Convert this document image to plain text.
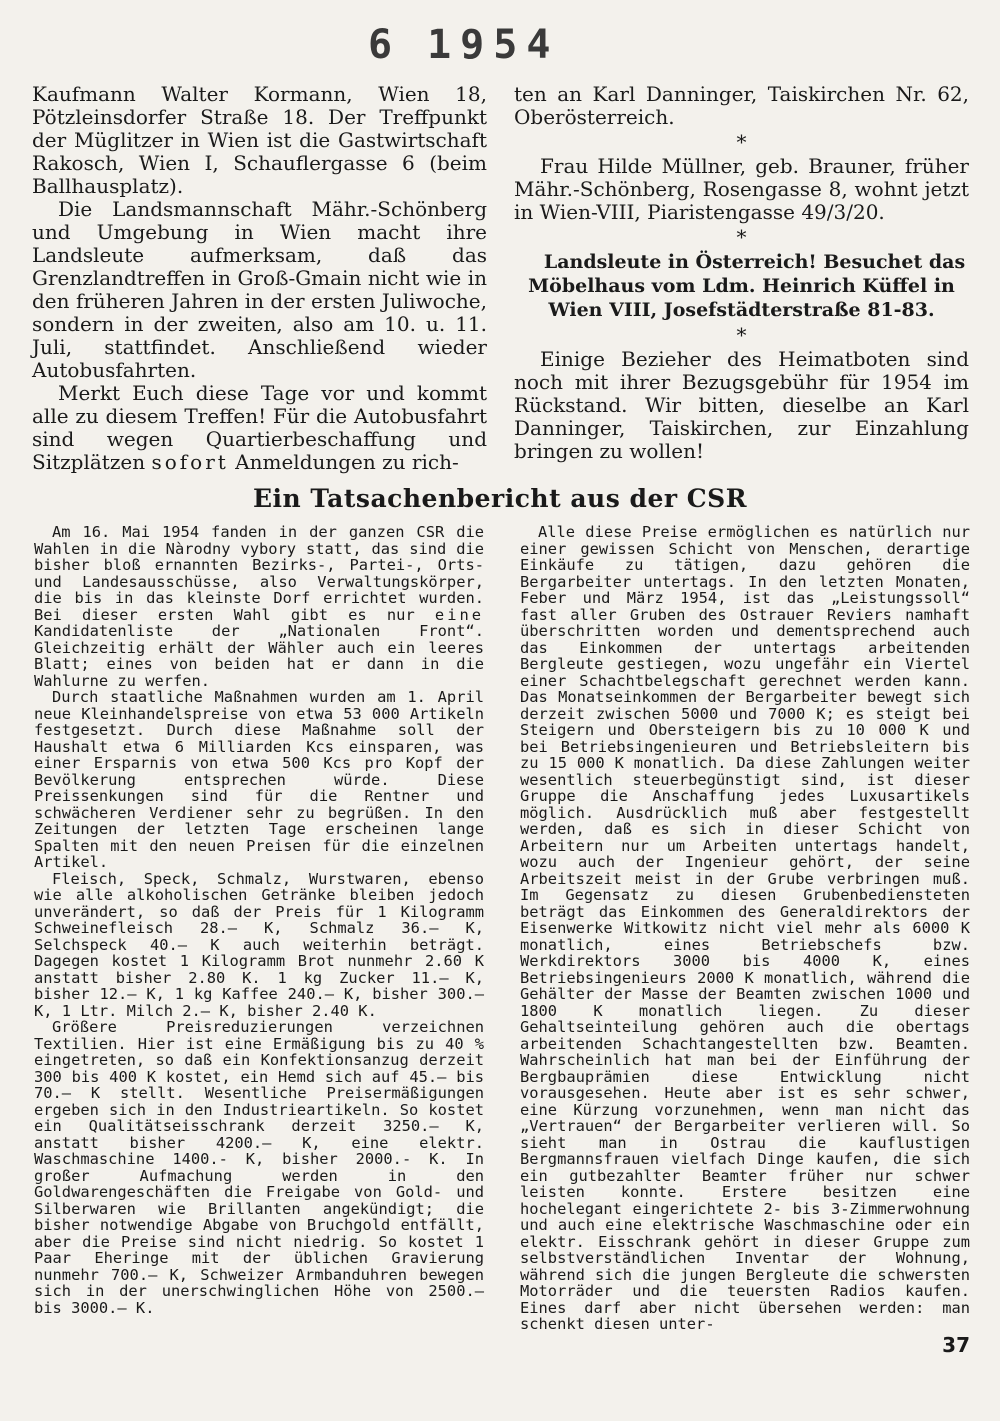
6 1954

Kaufmann Walter Kormann, Wien 18, Pötzleinsdorfer Straße 18. Der Treffpunkt der Müglitzer in Wien ist die Gastwirtschaft Rakosch, Wien I, Schauflergasse 6 (beim Ballhausplatz).

Die Landsmannschaft Mähr.-Schönberg und Umgebung in Wien macht ihre Landsleute aufmerksam, daß das Grenzlandtreffen in Groß-Gmain nicht wie in den früheren Jahren in der ersten Juliwoche, sondern in der zweiten, also am 10. u. 11. Juli, stattfindet. Anschließend wieder Autobusfahrten.

Merkt Euch diese Tage vor und kommt alle zu diesem Treffen! Für die Autobusfahrt sind wegen Quartierbeschaffung und Sitzplätzen sofort Anmeldungen zu rich-

ten an Karl Danninger, Taiskirchen Nr. 62, Oberösterreich.

*

Frau Hilde Müllner, geb. Brauner, früher Mähr.-Schönberg, Rosengasse 8, wohnt jetzt in Wien-VIII, Piaristengasse 49/3/20.

*

Landsleute in Österreich! Besuchet das Möbelhaus vom Ldm. Heinrich Küffel in Wien VIII, Josefstädterstraße 81-83.

*

Einige Bezieher des Heimatboten sind noch mit ihrer Bezugsgebühr für 1954 im Rückstand. Wir bitten, dieselbe an Karl Danninger, Taiskirchen, zur Einzahlung bringen zu wollen!

Ein Tatsachenbericht aus der CSR

Am 16. Mai 1954 fanden in der ganzen CSR die Wahlen in die Nàrodny vybory statt, das sind die bisher bloß ernannten Bezirks-, Partei-, Orts- und Landesausschüsse, also Verwaltungskörper, die bis in das kleinste Dorf errichtet wurden. Bei dieser ersten Wahl gibt es nur eine Kandidatenliste der „Nationalen Front“. Gleichzeitig erhält der Wähler auch ein leeres Blatt; eines von beiden hat er dann in die Wahlurne zu werfen.

Durch staatliche Maßnahmen wurden am 1. April neue Kleinhandelspreise von etwa 53 000 Artikeln festgesetzt. Durch diese Maßnahme soll der Haushalt etwa 6 Milliarden Kcs einsparen, was einer Ersparnis von etwa 500 Kcs pro Kopf der Bevölkerung entsprechen würde. Diese Preissenkungen sind für die Rentner und schwächeren Verdiener sehr zu begrüßen. In den Zeitungen der letzten Tage erscheinen lange Spalten mit den neuen Preisen für die einzelnen Artikel.

Fleisch, Speck, Schmalz, Wurstwaren, ebenso wie alle alkoholischen Getränke bleiben jedoch unverändert, so daß der Preis für 1 Kilogramm Schweinefleisch 28.— K, Schmalz 36.— K, Selchspeck 40.— K auch weiterhin beträgt. Dagegen kostet 1 Kilogramm Brot nunmehr 2.60 K anstatt bisher 2.80 K. 1 kg Zucker 11.— K, bisher 12.— K, 1 kg Kaffee 240.— K, bisher 300.— K, 1 Ltr. Milch 2.— K, bisher 2.40 K.

Größere Preisreduzierungen verzeichnen Textilien. Hier ist eine Ermäßigung bis zu 40 % eingetreten, so daß ein Konfektionsanzug derzeit 300 bis 400 K kostet, ein Hemd sich auf 45.— bis 70.— K stellt. Wesentliche Preisermäßigungen ergeben sich in den Industrieartikeln. So kostet ein Qualitätseisschrank derzeit 3250.— K, anstatt bisher 4200.— K, eine elektr. Waschmaschine 1400.- K, bisher 2000.- K. In großer Aufmachung werden in den Goldwarengeschäften die Freigabe von Gold- und Silberwaren wie Brillanten angekündigt; die bisher notwendige Abgabe von Bruchgold entfällt, aber die Preise sind nicht niedrig. So kostet 1 Paar Eheringe mit der üblichen Gravierung nunmehr 700.— K, Schweizer Armbanduhren bewegen sich in der unerschwinglichen Höhe von 2500.— bis 3000.— K.

Alle diese Preise ermöglichen es natürlich nur einer gewissen Schicht von Menschen, derartige Einkäufe zu tätigen, dazu gehören die Bergarbeiter untertags. In den letzten Monaten, Feber und März 1954, ist das „Leistungssoll“ fast aller Gruben des Ostrauer Reviers namhaft überschritten worden und dementsprechend auch das Einkommen der untertags arbeitenden Bergleute gestiegen, wozu ungefähr ein Viertel einer Schachtbelegschaft gerechnet werden kann. Das Monatseinkommen der Bergarbeiter bewegt sich derzeit zwischen 5000 und 7000 K; es steigt bei Steigern und Obersteigern bis zu 10 000 K und bei Betriebsingenieuren und Betriebsleitern bis zu 15 000 K monatlich. Da diese Zahlungen weiter wesentlich steuerbegünstigt sind, ist dieser Gruppe die Anschaffung jedes Luxusartikels möglich. Ausdrücklich muß aber festgestellt werden, daß es sich in dieser Schicht von Arbeitern nur um Arbeiten untertags handelt, wozu auch der Ingenieur gehört, der seine Arbeitszeit meist in der Grube verbringen muß. Im Gegensatz zu diesen Grubenbediensteten beträgt das Einkommen des Generaldirektors der Eisenwerke Witkowitz nicht viel mehr als 6000 K monatlich, eines Betriebschefs bzw. Werkdirektors 3000 bis 4000 K, eines Betriebsingenieurs 2000 K monatlich, während die Gehälter der Masse der Beamten zwischen 1000 und 1800 K monatlich liegen. Zu dieser Gehaltseinteilung gehören auch die obertags arbeitenden Schachtangestellten bzw. Beamten. Wahrscheinlich hat man bei der Einführung der Bergbauprämien diese Entwicklung nicht vorausgesehen. Heute aber ist es sehr schwer, eine Kürzung vorzunehmen, wenn man nicht das „Vertrauen“ der Bergarbeiter verlieren will. So sieht man in Ostrau die kauflustigen Bergmannsfrauen vielfach Dinge kaufen, die sich ein gutbezahlter Beamter früher nur schwer leisten konnte. Erstere besitzen eine hochelegant eingerichtete 2- bis 3-Zimmerwohnung und auch eine elektrische Waschmaschine oder ein elektr. Eisschrank gehört in dieser Gruppe zum selbstverständlichen Inventar der Wohnung, während sich die jungen Bergleute die schwersten Motorräder und die teuersten Radios kaufen. Eines darf aber nicht übersehen werden: man schenkt diesen unter-

37
